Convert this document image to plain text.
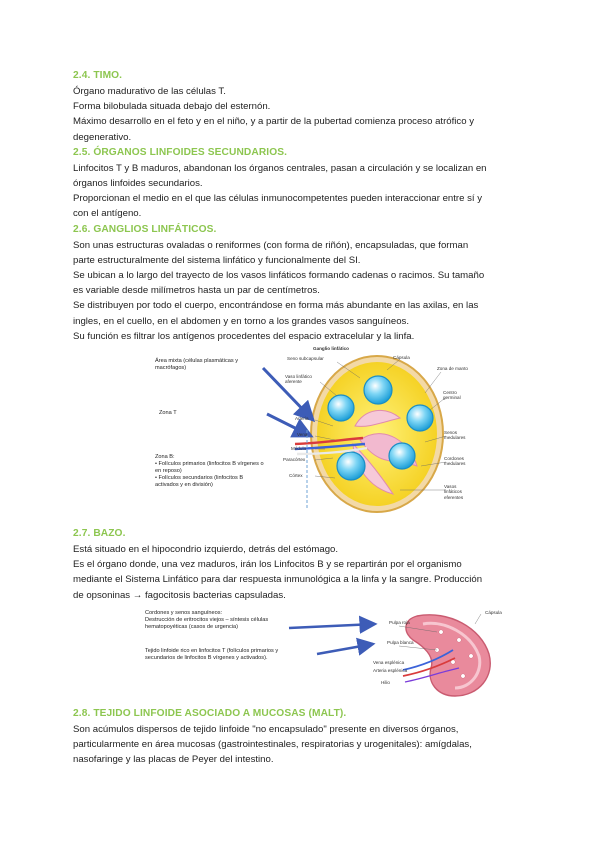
2.4. TIMO.

Órgano madurativo de las células T.

Forma bilobulada situada debajo del esternón.

Máximo desarrollo en el feto y en el niño, y a partir de la pubertad comienza proceso atrófico y

degenerativo.

2.5. ÓRGANOS LINFOIDES SECUNDARIOS.

Linfocitos T y B maduros, abandonan los órganos centrales, pasan a circulación y se localizan en

órganos linfoides secundarios.

Proporcionan el medio en el que las células inmunocompetentes pueden interaccionar entre sí y

con el antígeno.

2.6. GANGLIOS LINFÁTICOS.

Son unas estructuras ovaladas o reniformes (con forma de riñón), encapsuladas, que forman

parte estructuralmente del sistema linfático y funcionalmente del SI.

Se ubican a lo largo del trayecto de los vasos linfáticos formando cadenas o racimos. Su tamaño

es variable desde milímetros hasta un par de centímetros.

Se distribuyen por todo el cuerpo, encontrándose en forma más abundante en las axilas, en las

ingles, en el cuello, en el abdomen y en torno a los grandes vasos sanguíneos.

Su función es filtrar los antígenos procedentes del espacio extracelular y la linfa.

Ganglio linfático
Seno subcapsular	Cápsula
Vaso linfático aferente
Zona de manto
Arteria
Centro germinal
Vena	Senos medulares
Médula
Cordones medulares
Paracórtex
Córtex
Vasos linfáticos eferentes
Área mixta (células plasmáticas y macrófagos)
Zona T
Zona B:
• Folículos primarios (linfocitos B vírgenes o en reposo)
• Folículos secundarios (linfocitos B activados y en división)
2.7. BAZO.

Está situado en el hipocondrio izquierdo, detrás del estómago.

Es el órgano donde, una vez maduros, irán los Linfocitos B y se repartirán por el organismo

mediante el Sistema Linfático para dar respuesta inmunológica a la linfa y la sangre. Producción

de opsoninas → fagocitosis bacterias capsuladas.

Pulpa roja
Cápsula
Pulpa blanca
Vena esplénica
Arteria esplénica
Hilio
Cordones y senos sanguíneos:
Destrucción de eritrocitos viejos – síntesis células hematopoyéticas (casos de urgencia)
Tejido linfoide rico en linfocitos T (folículos primarios y secundarios de linfocitos B vírgenes y activados).
2.8. TEJIDO LINFOIDE ASOCIADO A MUCOSAS (MALT).

Son acúmulos dispersos de tejido linfoide "no encapsulado" presente en diversos órganos,

particularmente en área mucosas (gastrointestinales, respiratorias y urogenitales): amígdalas,

nasofaringe y las placas de Peyer del intestino.
